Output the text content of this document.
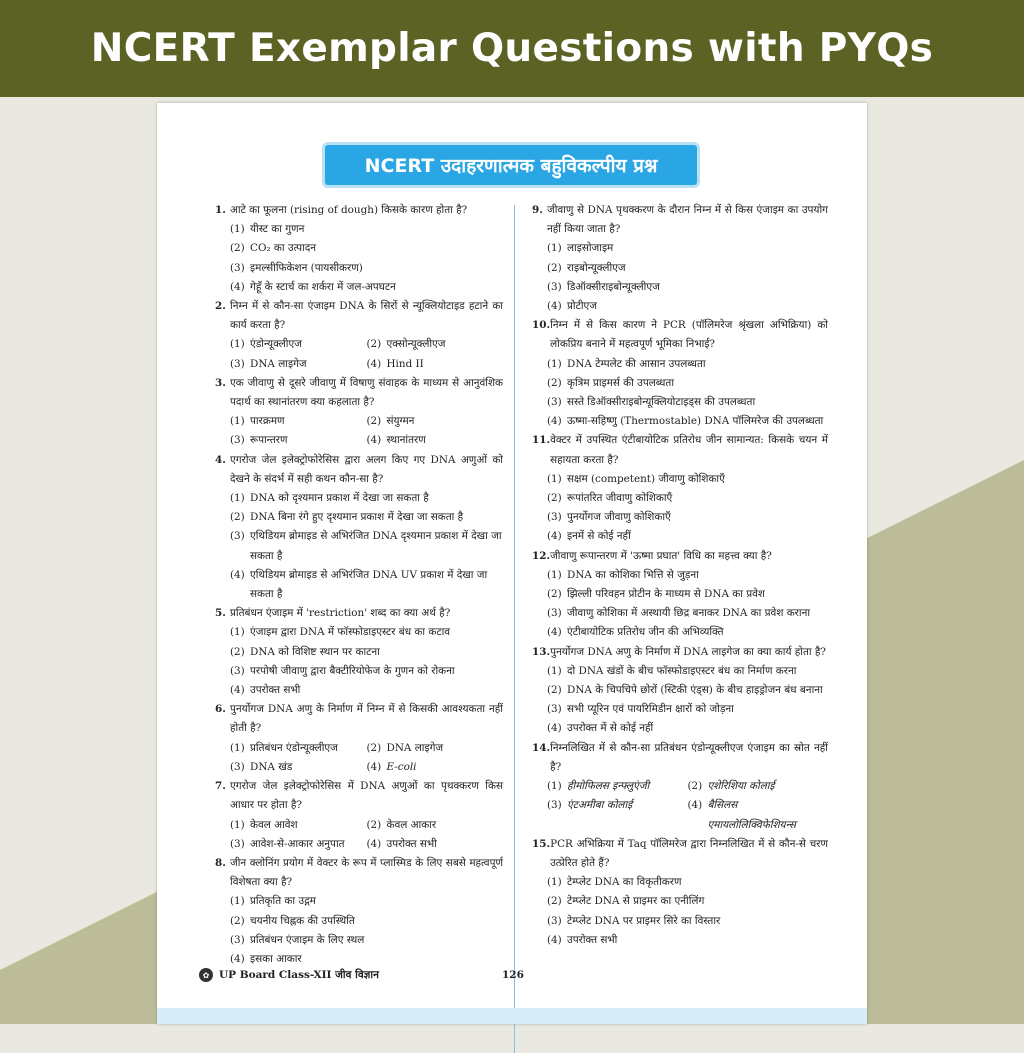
NCERT Exemplar Questions with PYQs
NCERT उदाहरणात्मक बहुविकल्पीय प्रश्न
1. आटे का फूलना (rising of dough) किसके कारण होता है?
(1) यीस्ट का गुणन
(2) CO₂ का उत्पादन
(3) इमल्सीफिकेशन (पायसीकरण)
(4) गेहूँ के स्टार्च का शर्करा में जल-अपघटन
2. निम्न में से कौन-सा एंजाइम DNA के सिरों से न्यूक्लियोटाइड हटाने का कार्य करता है?
(1) एंडोन्यूक्लीएज	(2) एक्सोन्यूक्लीएज
(3) DNA लाइगेज	(4) Hind II
3. एक जीवाणु से दूसरे जीवाणु में विषाणु संवाहक के माध्यम से आनुवंशिक पदार्थ का स्थानांतरण क्या कहलाता है?
(1) पारक्रमण	(2) संयुग्मन
(3) रूपान्तरण	(4) स्थानांतरण
4. एगरोज जेल इलेक्ट्रोफोरेसिस द्वारा अलग किए गए DNA अणुओं को देखने के संदर्भ में सही कथन कौन-सा है?
(1) DNA को दृश्यमान प्रकाश में देखा जा सकता है
(2) DNA बिना रंगे हुए दृश्यमान प्रकाश में देखा जा सकता है
(3) एथिडियम ब्रोमाइड से अभिरंजित DNA दृश्यमान प्रकाश में देखा जा सकता है
(4) एथिडियम ब्रोमाइड से अभिरंजित DNA UV प्रकाश में देखा जा सकता है
5. प्रतिबंधन एंजाइम में 'restriction' शब्द का क्या अर्थ है?
(1) एंजाइम द्वारा DNA में फॉस्फोडाइएस्टर बंध का कटाव
(2) DNA को विशिष्ट स्थान पर काटना
(3) परपोषी जीवाणु द्वारा बैक्टीरियोफेज के गुणन को रोकना
(4) उपरोक्त सभी
6. पुनर्योगज DNA अणु के निर्माण में निम्न में से किसकी आवश्यकता नहीं होती है?
(1) प्रतिबंधन एंडोन्यूक्लीएज	(2) DNA लाइगेज
(3) DNA खंड	(4) E-coli
7. एगरोज जेल इलेक्ट्रोफोरेसिस में DNA अणुओं का पृथक्करण किस आधार पर होता है?
(1) केवल आवेश	(2) केवल आकार
(3) आवेश-से-आकार अनुपात	(4) उपरोक्त सभी
8. जीन क्लोनिंग प्रयोग में वेक्टर के रूप में प्लास्मिड के लिए सबसे महत्वपूर्ण विशेषता क्या है?
(1) प्रतिकृति का उद्गम
(2) चयनीय चिह्नक की उपस्थिति
(3) प्रतिबंधन एंजाइम के लिए स्थल
(4) इसका आकार
9. जीवाणु से DNA पृथक्करण के दौरान निम्न में से किस एंजाइम का उपयोग नहीं किया जाता है?
(1) लाइसोजाइम
(2) राइबोन्यूक्लीएज
(3) डिऑक्सीराइबोन्यूक्लीएज
(4) प्रोटीएज
10. निम्न में से किस कारण ने PCR (पॉलिमरेज श्रृंखला अभिक्रिया) को लोकप्रिय बनाने में महत्वपूर्ण भूमिका निभाई?
(1) DNA टेम्पलेट की आसान उपलब्धता
(2) कृत्रिम प्राइमर्स की उपलब्धता
(3) सस्ते डिऑक्सीराइबोन्यूक्लियोटाइड्स की उपलब्धता
(4) ऊष्मा-सहिष्णु (Thermostable) DNA पॉलिमरेज की उपलब्धता
11. वेक्टर में उपस्थित एंटीबायोटिक प्रतिरोध जीन सामान्यत: किसके चयन में सहायता करता है?
(1) सक्षम (competent) जीवाणु कोशिकाएँ
(2) रूपांतरित जीवाणु कोशिकाएँ
(3) पुनर्योगज जीवाणु कोशिकाएँ
(4) इनमें से कोई नहीं
12. जीवाणु रूपान्तरण में 'ऊष्मा प्रघात' विधि का महत्त्व क्या है?
(1) DNA का कोशिका भित्ति से जुड़ना
(2) झिल्ली परिवहन प्रोटीन के माध्यम से DNA का प्रवेश
(3) जीवाणु कोशिका में अस्थायी छिद्र बनाकर DNA का प्रवेश कराना
(4) एंटीबायोटिक प्रतिरोध जीन की अभिव्यक्ति
13. पुनर्योगज DNA अणु के निर्माण में DNA लाइगेज का क्या कार्य होता है?
(1) दो DNA खंडों के बीच फॉस्फोडाइएस्टर बंध का निर्माण करना
(2) DNA के चिपचिपे छोरों (स्टिकी एंड्स) के बीच हाइड्रोजन बंध बनाना
(3) सभी प्यूरिन एवं पायरिमिडीन क्षारों को जोड़ना
(4) उपरोक्त में से कोई नहीं
14. निम्नलिखित में से कौन-सा प्रतिबंधन एंडोन्यूक्लीएज एंजाइम का स्रोत नहीं है?
(1) हीमोफिलस इन्फ्लुएंजी	(2) एशेरिशिया कोलाई
(3) एंटअमीबा कोलाई	(4) बैसिलस एमायलोलिक्विफेशियन्स
15. PCR अभिक्रिया में Taq पॉलिमरेज द्वारा निम्नलिखित में से कौन-से चरण उत्प्रेरित होते हैं?
(1) टेम्प्लेट DNA का विकृतीकरण
(2) टेम्प्लेट DNA से प्राइमर का एनीलिंग
(3) टेम्प्लेट DNA पर प्राइमर सिरे का विस्तार
(4) उपरोक्त सभी
✿ UP Board Class-XII जीव विज्ञान	126
